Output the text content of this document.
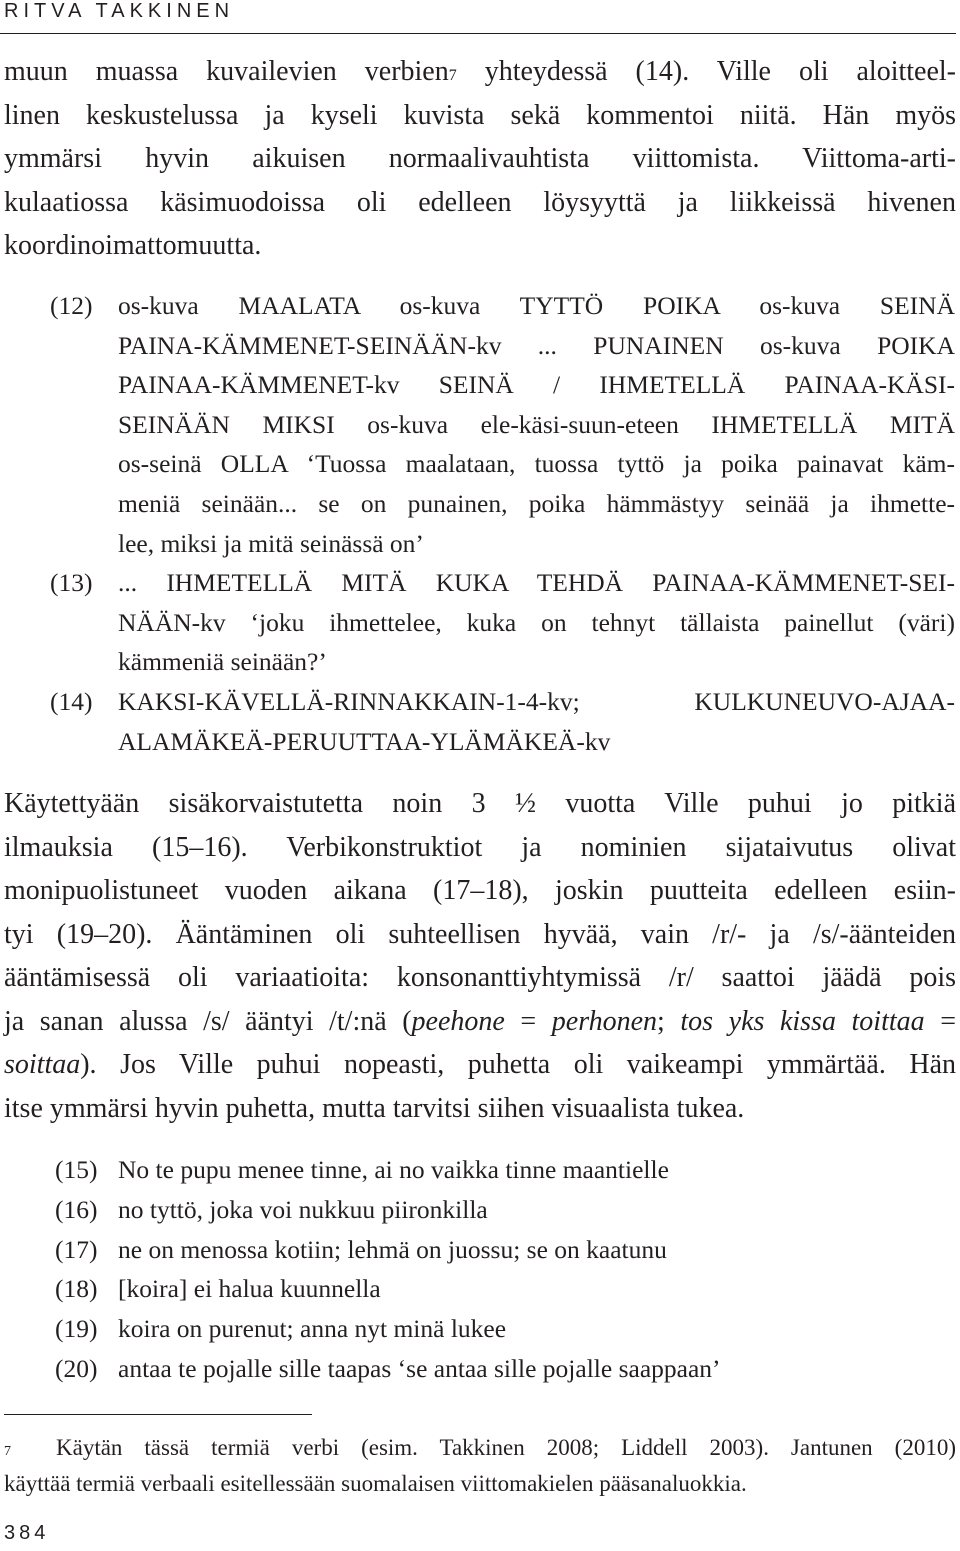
RITVA TAKKINEN
muun muassa kuvailevien verbien$^7$ yhteydessä (14). Ville oli aloitteel-
linen keskustelussa ja kyseli kuvista sekä kommentoi niitä. Hän myös
ymmärsi hyvin aikuisen normaalivauhtista viittomista. Viittoma-arti-
kulaatiossa käsimuodoissa oli edelleen löysyyttä ja liikkeissä hivenen
koordinoimattomuutta.
(12)	os-kuva MAALATA os-kuva TYTTÖ POIKA os-kuva SEINÄ
PAINA-KÄMMENET-SEINÄÄN-kv ... PUNAINEN os-kuva POIKA
PAINAA-KÄMMENET-kv SEINÄ / IHMETELLÄ PAINAA-KÄSI-
SEINÄÄN MIKSI os-kuva ele-käsi-suun-eteen IHMETELLÄ MITÄ
os-seinä OLLA ‘Tuossa maalataan, tuossa tyttö ja poika painavat käm-
meniä seinään... se on punainen, poika hämmästyy seinää ja ihmette-
lee, miksi ja mitä seinässä on’
(13)	... IHMETELLÄ MITÄ KUKA TEHDÄ PAINAA-KÄMMENET-SEI-
NÄÄN-kv ‘joku ihmettelee, kuka on tehnyt tällaista painellut (väri)
kämmeniä seinään?’
(14)	KAKSI-KÄVELLÄ-RINNAKKAIN-1-4-kv; KULKUNEUVO-AJAA-
ALAMÄKEÄ-PERUUTTAA-YLÄMÄKEÄ-kv
Käytettyään sisäkorvaistutetta noin 3 ½ vuotta Ville puhui jo pitkiä
ilmauksia (15–16). Verbikonstruktiot ja nominien sijataivutus olivat
monipuolistuneet vuoden aikana (17–18), joskin puutteita edelleen esiin-
tyi (19–20). Ääntäminen oli suhteellisen hyvää, vain /r/- ja /s/-äänteiden
ääntämisessä oli variaatioita: konsonanttiyhtymissä /r/ saattoi jäädä pois
ja sanan alussa /s/ ääntyi /t/:nä (peehone = perhonen; tos yks kissa toittaa =
soittaa). Jos Ville puhui nopeasti, puhetta oli vaikeampi ymmärtää. Hän
itse ymmärsi hyvin puhetta, mutta tarvitsi siihen visuaalista tukea.
(15) No te pupu menee tinne, ai no vaikka tinne maantielle
(16) no tyttö, joka voi nukkuu piironkilla
(17) ne on menossa kotiin; lehmä on juossu; se on kaatunu
(18) [koira] ei halua kuunnella
(19) koira on purenut; anna nyt minä lukee
(20) antaa te pojalle sille taapas ‘se antaa sille pojalle saappaan’
$^7$ Käytän tässä termiä verbi (esim. Takkinen 2008; Liddell 2003). Jantunen (2010)
käyttää termiä verbaali esitellessään suomalaisen viittomakielen pääsanaluokkia.
384
